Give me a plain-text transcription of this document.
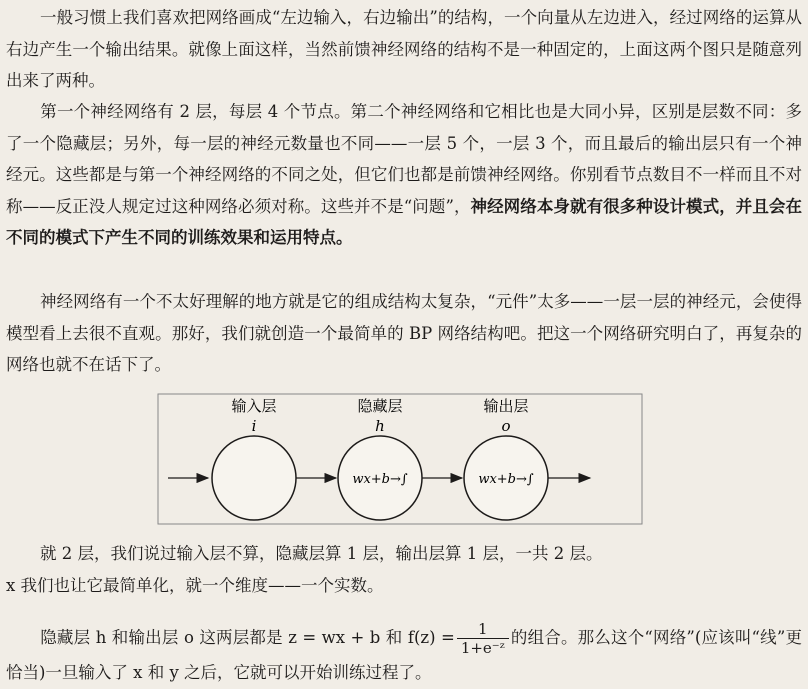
一般习惯上我们喜欢把网络画成“左边输入，右边输出”的结构，一个向量从左边进入，经过网络的运算从右边产生一个输出结果。就像上面这样，当然前馈神经网络的结构不是一种固定的，上面这两个图只是随意列出来了两种。

第一个神经网络有 2 层，每层 4 个节点。第二个神经网络和它相比也是大同小异，区别是层数不同：多了一个隐藏层；另外，每一层的神经元数量也不同——一层 5 个，一层 3 个，而且最后的输出层只有一个神经元。这些都是与第一个神经网络的不同之处，但它们也都是前馈神经网络。你别看节点数目不一样而且不对称——反正没人规定过这种网络必须对称。这些并不是“问题”，神经网络本身就有很多种设计模式，并且会在不同的模式下产生不同的训练效果和运用特点。

神经网络有一个不太好理解的地方就是它的组成结构太复杂，“元件”太多——一层一层的神经元，会使得模型看上去很不直观。那好，我们就创造一个最简单的 BP 网络结构吧。把这一个网络研究明白了，再复杂的网络也就不在话下了。

输入层
i
隐藏层
h
输出层
o
wx+b→∫	wx+b→∫

就 2 层，我们说过输入层不算，隐藏层算 1 层，输出层算 1 层，一共 2 层。

x 我们也让它最简单化，就一个维度——一个实数。

隐藏层 h 和输出层 o 这两层都是 z = wx + b 和 $f(z) = \frac{1}{\text{1+e⁻ᶻ}}$ 的组合。那么这个“网络”(应该叫“线”更恰当)一旦输入了 x 和 y 之后，它就可以开始训练过程了。
